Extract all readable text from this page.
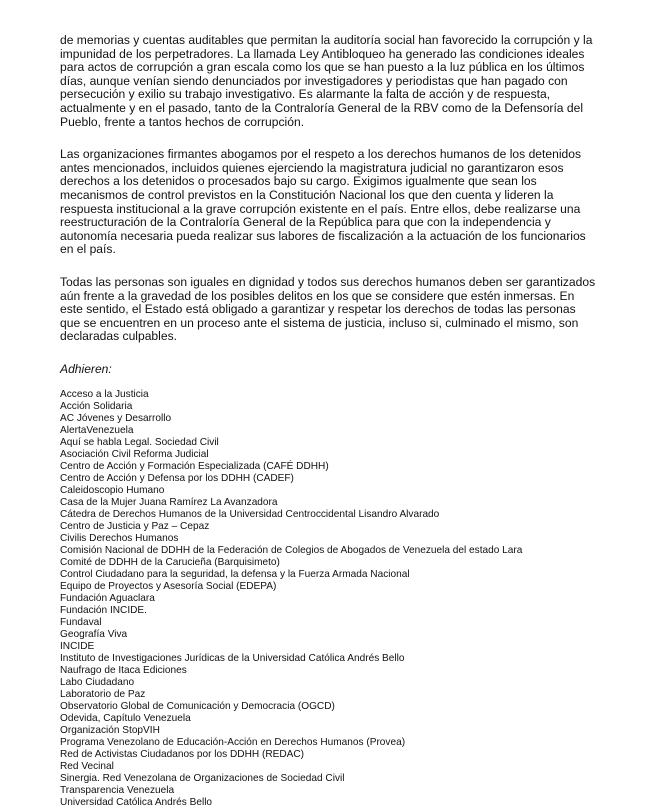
de memorias y cuentas auditables que permitan la auditoría social han favorecido la corrupción y la impunidad de los perpetradores. La llamada Ley Antibloqueo ha generado las condiciones ideales para actos de corrupción a gran escala como los que se han puesto a la luz pública en los últimos días, aunque venían siendo denunciados por investigadores y periodistas que han pagado con persecución y exilio su trabajo investigativo. Es alarmante la falta de acción y de respuesta, actualmente y en el pasado, tanto de la Contraloría General de la RBV como de la Defensoría del Pueblo, frente a tantos hechos de corrupción.

Las organizaciones firmantes abogamos por el respeto a los derechos humanos de los detenidos antes mencionados, incluidos quienes ejerciendo la magistratura judicial no garantizaron esos derechos a los detenidos o procesados bajo su cargo. Exigimos igualmente que sean los mecanismos de control previstos en la Constitución Nacional los que den cuenta y lideren la respuesta institucional a la grave corrupción existente en el país. Entre ellos, debe realizarse una reestructuración de la Contraloría General de la República para que con la independencia y autonomía necesaria pueda realizar sus labores de fiscalización a la actuación de los funcionarios en el país.

Todas las personas son iguales en dignidad y todos sus derechos humanos deben ser garantizados aún frente a la gravedad de los posibles delitos en los que se considere que estén inmersas. En este sentido, el Estado está obligado a garantizar y respetar los derechos de todas las personas que se encuentren en un proceso ante el sistema de justicia, incluso si, culminado el mismo, son declaradas culpables.

Adhieren:

Acceso a la Justicia
Acción Solidaria
AC Jóvenes y Desarrollo
AlertaVenezuela
Aquí se habla Legal. Sociedad Civil
Asociación Civil Reforma Judicial
Centro de Acción y Formación Especializada (CAFÉ DDHH)
Centro de Acción y Defensa por los DDHH (CADEF)
Caleidoscopio Humano
Casa de la Mujer Juana Ramírez La Avanzadora
Cátedra de Derechos Humanos de la Universidad Centroccidental Lisandro Alvarado
Centro de Justicia y Paz – Cepaz
Civilis Derechos Humanos
Comisión Nacional de DDHH de la Federación de Colegios de Abogados de Venezuela del estado Lara
Comité de DDHH de la Caruciеña (Barquisimeto)
Control Ciudadano para la seguridad, la defensa y la Fuerza Armada Nacional
Equipo de Proyectos y Asesoría Social (EDEPA)
Fundación Aguaclara
Fundación INCIDE.
Fundaval
Geografía Viva
INCIDE
Instituto de Investigaciones Jurídicas de la Universidad Católica Andrés Bello
Naufrago de Itaca Ediciones
Labo Ciudadano
Laboratorio de Paz
Observatorio Global de Comunicación y Democracia (OGCD)
Odevida, Capítulo Venezuela
Organización StopVIH
Programa Venezolano de Educación-Acción en Derechos Humanos (Provea)
Red de Activistas Ciudadanos por los DDHH (REDAC)
Red Vecinal
Sinergia. Red Venezolana de Organizaciones de Sociedad Civil
Transparencia Venezuela
Universidad Católica Andrés Bello
